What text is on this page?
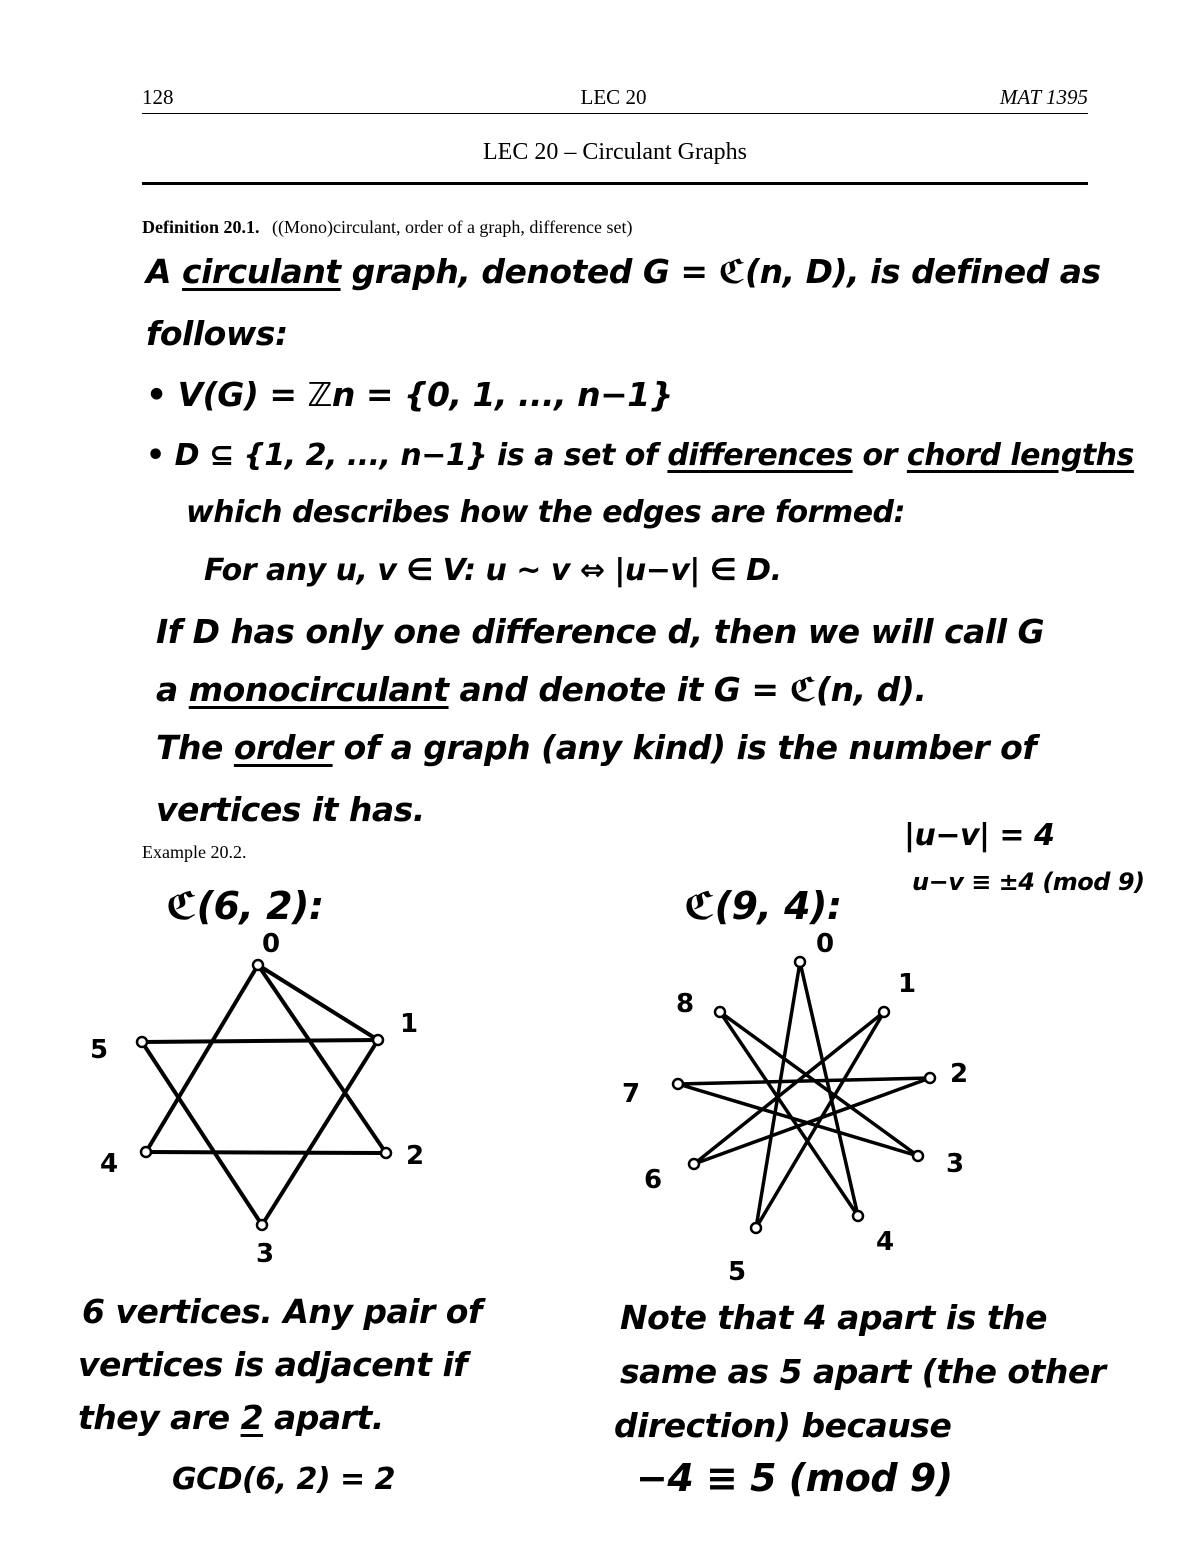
128	LEC 20	MAT 1395
LEC 20 – Circulant Graphs
Definition 20.1. ((Mono)circulant, order of a graph, difference set)
A circulant graph, denoted G = ℭ(n, D), is defined as
follows:
• V(G) = ℤn = {0, 1, ..., n−1}
• D ⊆ {1, 2, ..., n−1} is a set of differences or chord lengths
which describes how the edges are formed:
For any u, v ∈ V: u ~ v ⇔ |u−v| ∈ D.
If D has only one difference d, then we will call G
a monocirculant and denote it G = ℭ(n, d).
The order of a graph (any kind) is the number of
vertices it has.
Example 20.2.	|u−v| = 4
u−v ≡ ±4 (mod 9)
ℭ(6, 2):	ℭ(9, 4):
0
1
2
3
4
5
0
1
2
3
4
5
6
7
8
6 vertices. Any pair of
vertices is adjacent if
they are 2 apart.
GCD(6, 2) = 2
Note that 4 apart is the
same as 5 apart (the other
direction) because
−4 ≡ 5 (mod 9)
